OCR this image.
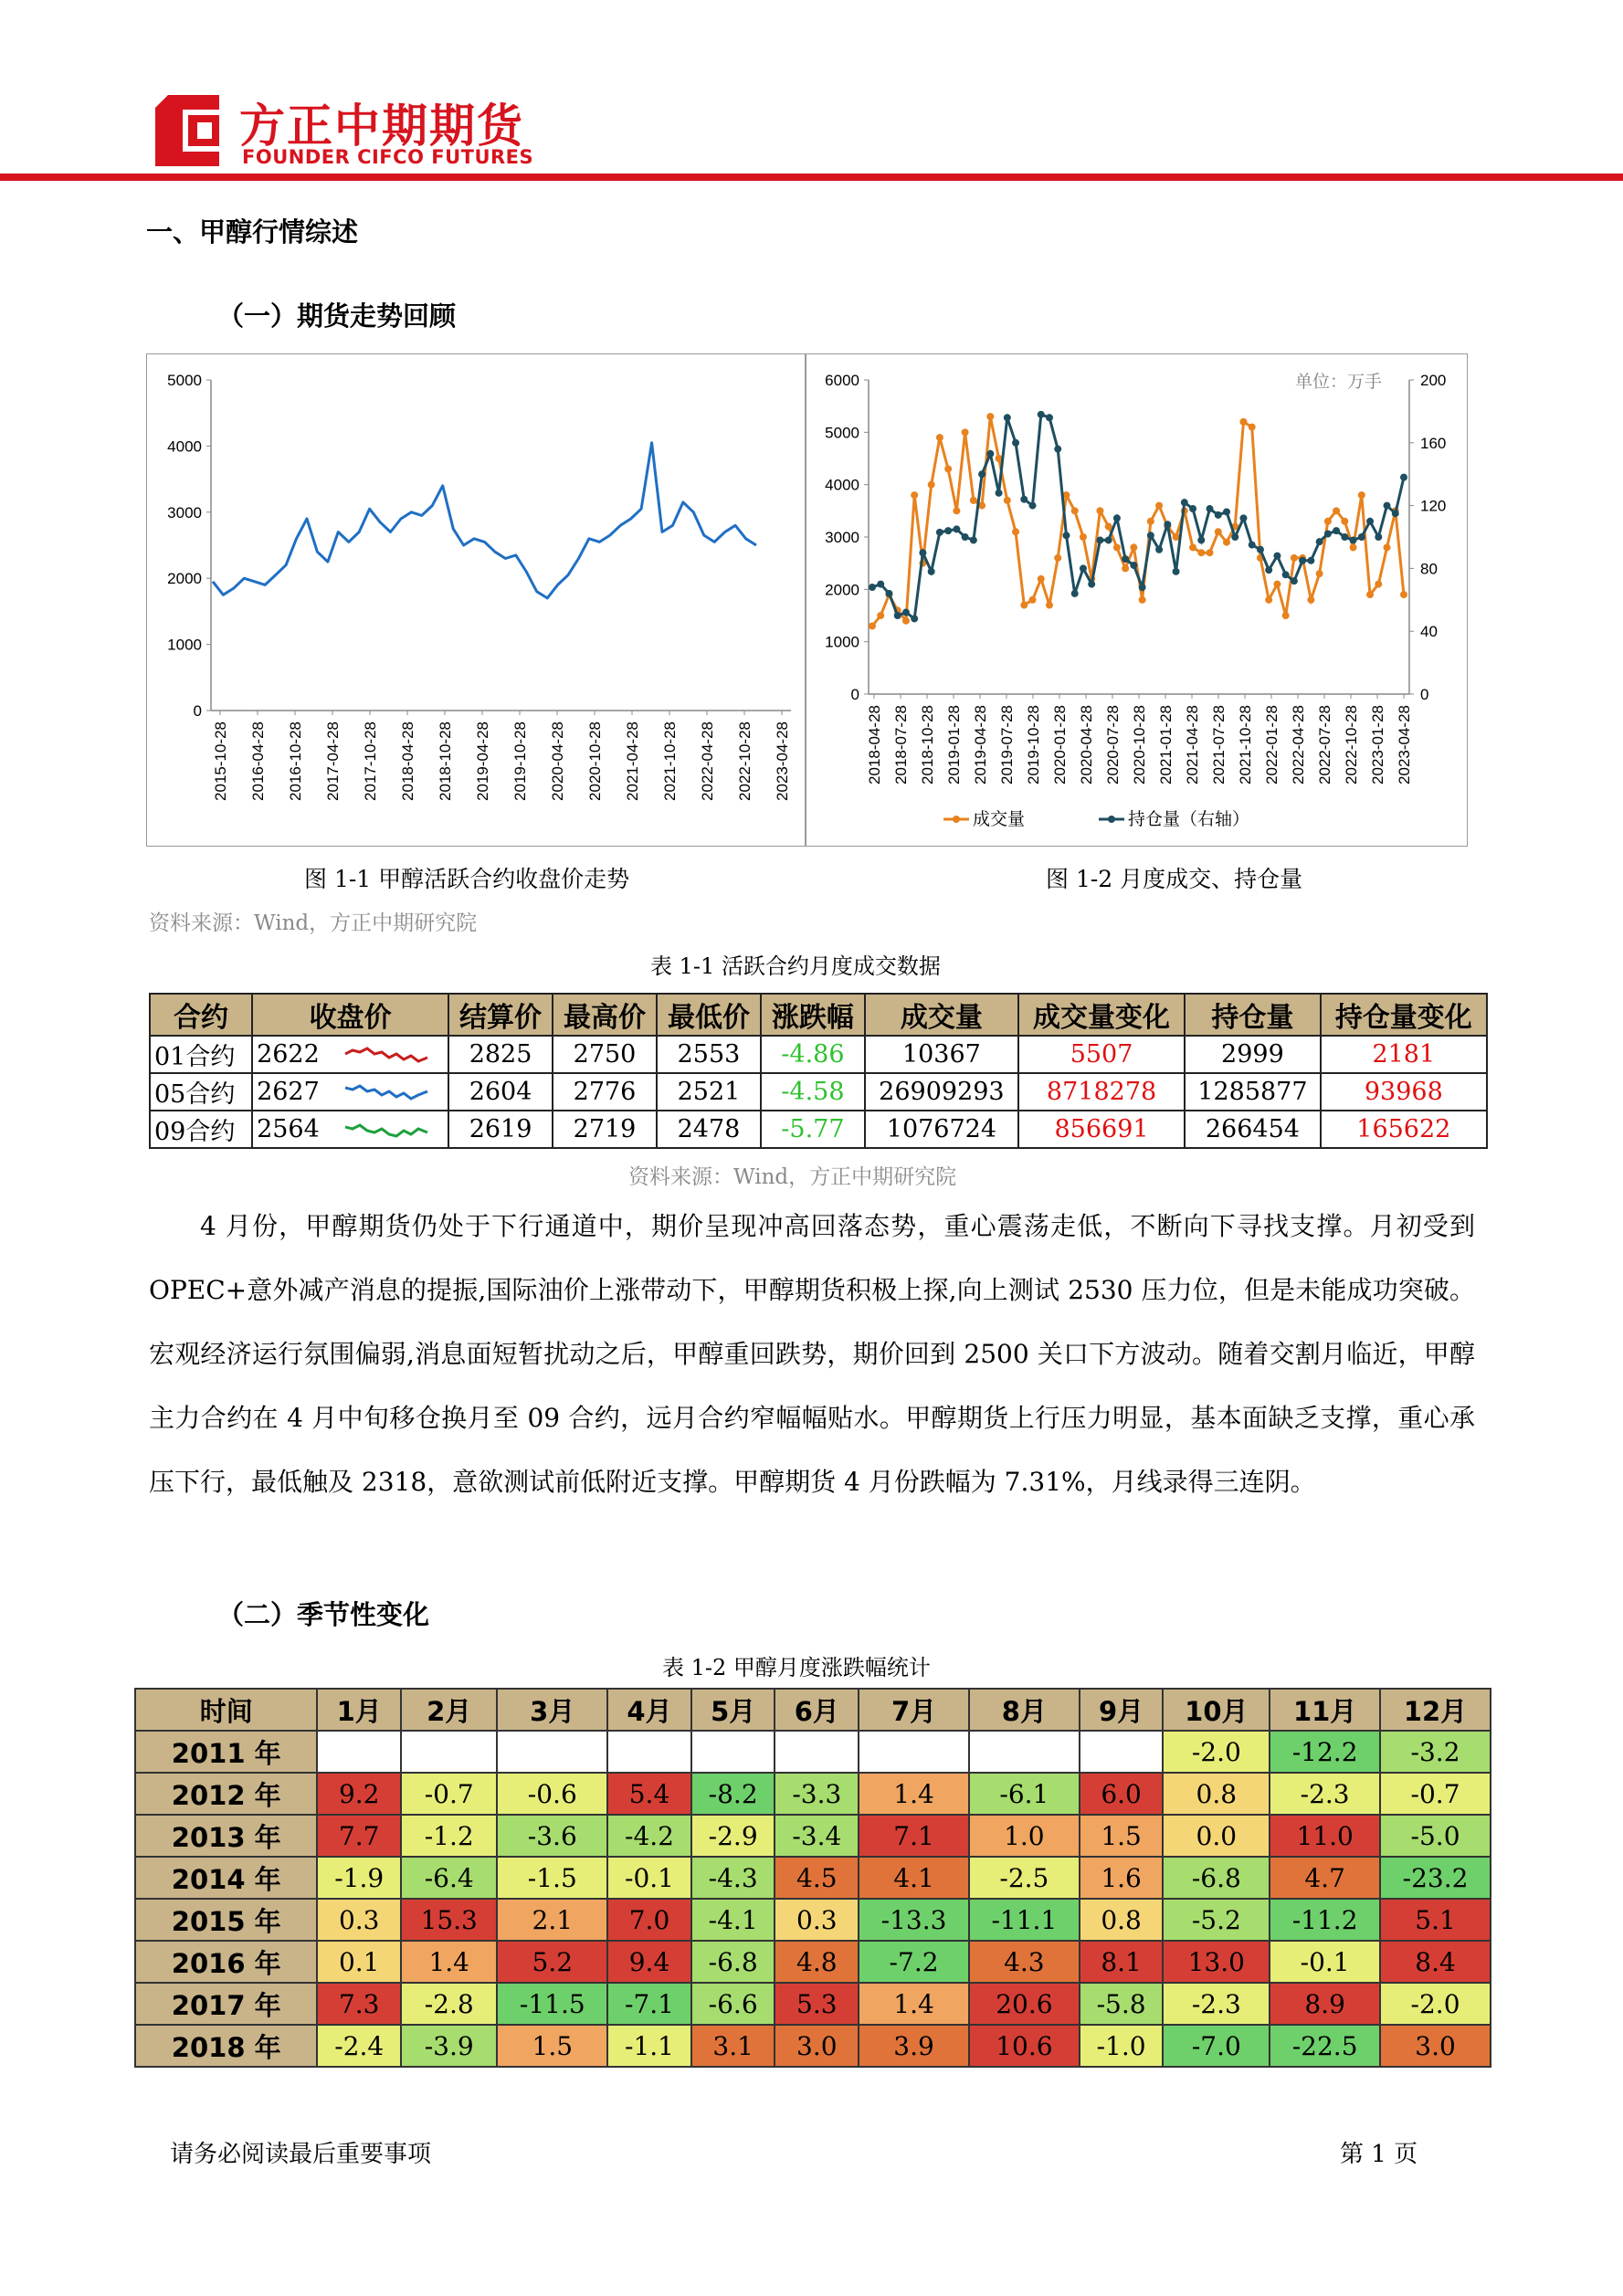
方正中期期货
FOUNDER CIFCO FUTURES
一、甲醇行情综述
（一）期货走势回顾
5000
4000
3000
2000
1000
0
2015-10-28 2016-04-28 2016-10-28 2017-04-28 2017-10-28 2018-04-28 2018-10-28 2019-04-28 2019-10-28 2020-04-28 2020-10-28 2021-04-28 2021-10-28 2022-04-28 2022-10-28 2023-04-28
6000
5000
4000
3000
2000
1000
0
200
160
120
80
40
0
2018-04-28 2018-07-28 2018-10-28 2019-01-28 2019-04-28 2019-07-28 2019-10-28 2020-01-28 2020-04-28 2020-07-28 2020-10-28 2021-01-28 2021-04-28 2021-07-28 2021-10-28 2022-01-28 2022-04-28 2022-07-28 2022-10-28 2023-01-28 2023-04-28
单位：万手
成交量	持仓量（右轴）
图 1-1 甲醇活跃合约收盘价走势	图 1-2 月度成交、持仓量
资料来源：Wind，方正中期研究院
表 1-1 活跃合约月度成交数据
合约	收盘价	结算价	最高价	最低价	涨跌幅	成交量	成交量变化	持仓量	持仓量变化
01合约	2622	2825	2750	2553	-4.86	10367	5507	2999	2181
05合约	2627	2604	2776	2521	-4.58	26909293	8718278	1285877	93968
09合约	2564	2619	2719	2478	-5.77	1076724	856691	266454	165622
资料来源：Wind，方正中期研究院
4 月份，甲醇期货仍处于下行通道中，期价呈现冲高回落态势，重心震荡走低，不断向下寻找支撑。月初受到 OPEC+意外减产消息的提振,国际油价上涨带动下，甲醇期货积极上探,向上测试 2530 压力位，但是未能成功突破。宏观经济运行氛围偏弱,消息面短暂扰动之后，甲醇重回跌势，期价回到 2500 关口下方波动。随着交割月临近，甲醇主力合约在 4 月中旬移仓换月至 09 合约，远月合约窄幅幅贴水。甲醇期货上行压力明显，基本面缺乏支撑，重心承压下行，最低触及 2318，意欲测试前低附近支撑。甲醇期货 4 月份跌幅为 7.31%，月线录得三连阴。
（二）季节性变化
表 1-2 甲醇月度涨跌幅统计
时间	1月	2月	3月	4月	5月	6月	7月	8月	9月	10月	11月	12月
2011 年										-2.0	-12.2	-3.2
2012 年	9.2	-0.7	-0.6	5.4	-8.2	-3.3	1.4	-6.1	6.0	0.8	-2.3	-0.7
2013 年	7.7	-1.2	-3.6	-4.2	-2.9	-3.4	7.1	1.0	1.5	0.0	11.0	-5.0
2014 年	-1.9	-6.4	-1.5	-0.1	-4.3	4.5	4.1	-2.5	1.6	-6.8	4.7	-23.2
2015 年	0.3	15.3	2.1	7.0	-4.1	0.3	-13.3	-11.1	0.8	-5.2	-11.2	5.1
2016 年	0.1	1.4	5.2	9.4	-6.8	4.8	-7.2	4.3	8.1	13.0	-0.1	8.4
2017 年	7.3	-2.8	-11.5	-7.1	-6.6	5.3	1.4	20.6	-5.8	-2.3	8.9	-2.0
2018 年	-2.4	-3.9	1.5	-1.1	3.1	3.0	3.9	10.6	-1.0	-7.0	-22.5	3.0
请务必阅读最后重要事项	第 1 页
